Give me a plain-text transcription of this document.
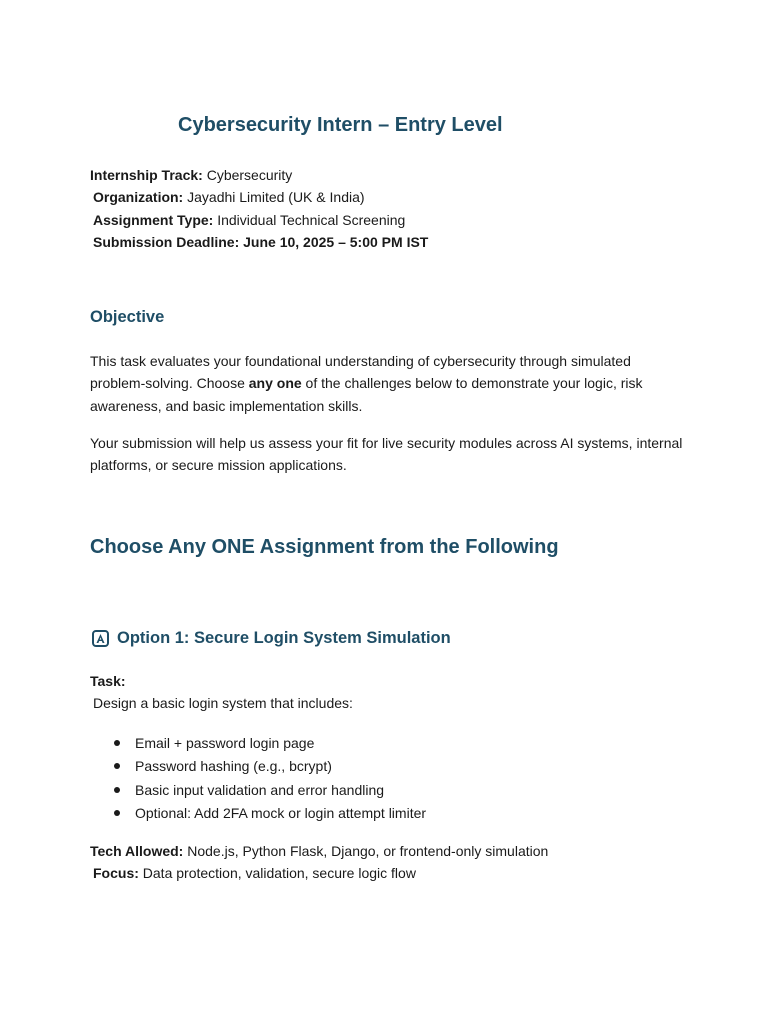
Cybersecurity Intern – Entry Level
Internship Track: Cybersecurity
Organization: Jayadhi Limited (UK & India)
Assignment Type: Individual Technical Screening
Submission Deadline: June 10, 2025 – 5:00 PM IST
Objective

This task evaluates your foundational understanding of cybersecurity through simulated problem-solving. Choose any one of the challenges below to demonstrate your logic, risk awareness, and basic implementation skills.

Your submission will help us assess your fit for live security modules across AI systems, internal platforms, or secure mission applications.

Choose Any ONE Assignment from the Following
Option 1: Secure Login System Simulation

Task:

Design a basic login system that includes:

Email + password login page
Password hashing (e.g., bcrypt)
Basic input validation and error handling
Optional: Add 2FA mock or login attempt limiter
Tech Allowed: Node.js, Python Flask, Django, or frontend-only simulation
Focus: Data protection, validation, secure logic flow
